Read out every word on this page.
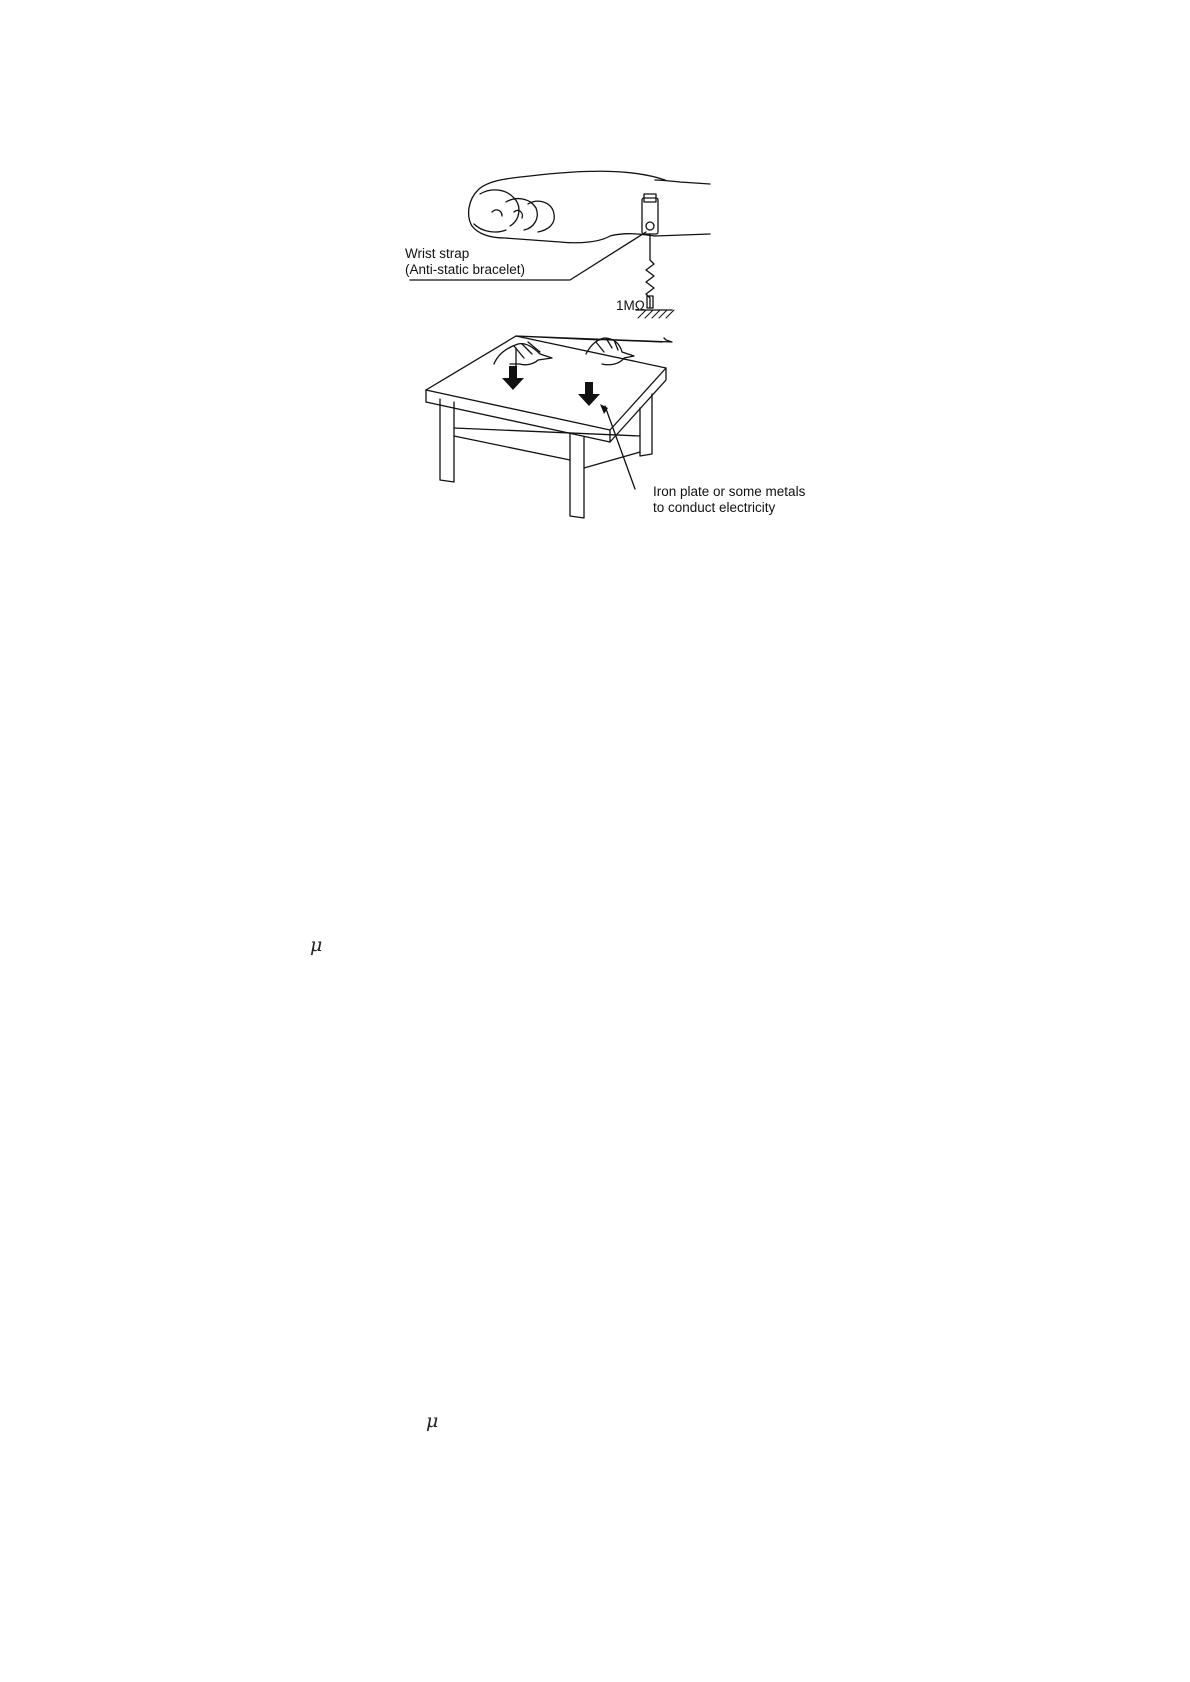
Wrist strap
(Anti-static bracelet)
1MΩ
Iron plate or some metals
to conduct electricity
μ
μ
